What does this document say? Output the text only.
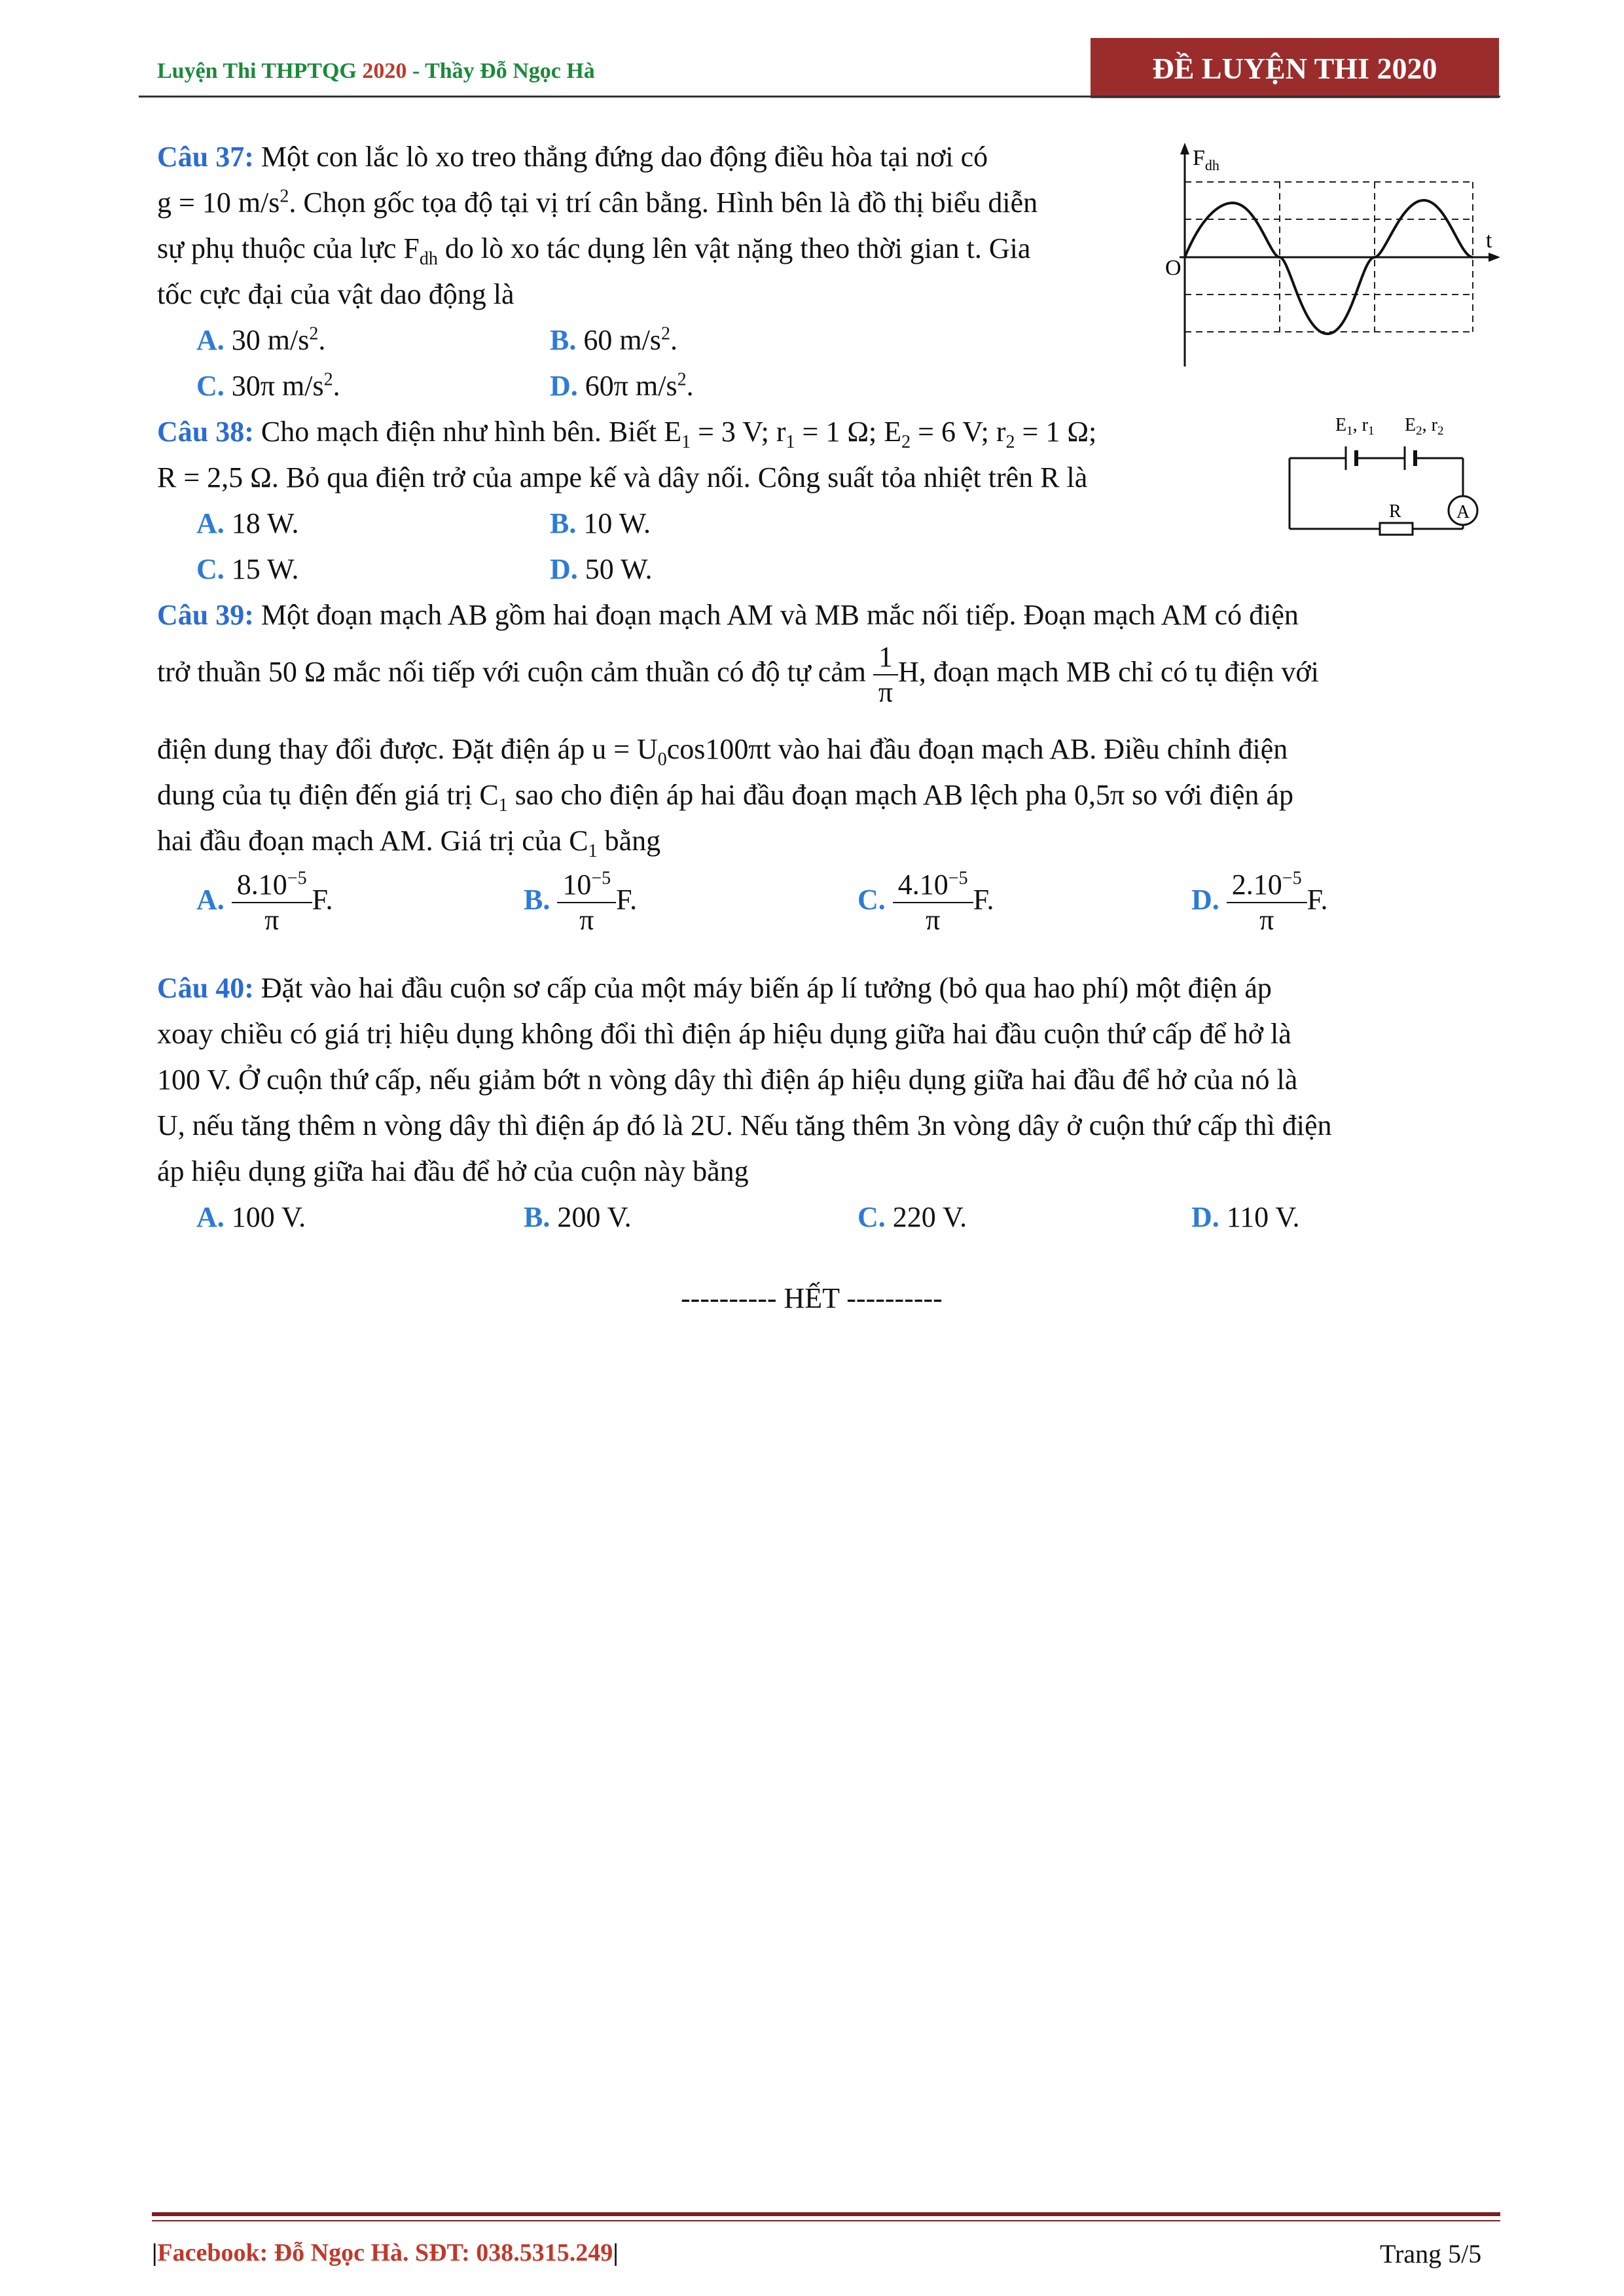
Luyện Thi THPTQG 2020 - Thầy Đỗ Ngọc Hà	ĐỀ LUYỆN THI 2020
Câu 37: Một con lắc lò xo treo thẳng đứng dao động điều hòa tại nơi có
g = 10 $m/s^2$. Chọn gốc tọa độ tại vị trí cân bằng. Hình bên là đồ thị biểu diễn
sự phụ thuộc của lực $F_{dh}$ do lò xo tác dụng lên vật nặng theo thời gian t. Gia
tốc cực đại của vật dao động là
A. 30 $m/s^2$.	B. 60 $m/s^2$.
C. 30π $m/s^2$.	D. 60π $m/s^2$.
$F_{dh}$
O
t
Câu 38: Cho mạch điện như hình bên. Biết $E_1 = 3$ V; $r_1 = 1$ Ω; $E_2 = 6$ V; $r_2 = 1$ Ω;
R = 2,5 Ω. Bỏ qua điện trở của ampe kế và dây nối. Công suất tỏa nhiệt trên R là
A. 18 W.	B. 10 W.
C. 15 W.	D. 50 W.
$E_1$, $r_1$ $E_2$, $r_2$
A
R
Câu 39: Một đoạn mạch AB gồm hai đoạn mạch AM và MB mắc nối tiếp. Đoạn mạch AM có điện
trở thuần 50 Ω mắc nối tiếp với cuộn cảm thuần có độ tự cảm $\frac{1}{\pi} H$, đoạn mạch MB chỉ có tụ điện với
điện dung thay đổi được. Đặt điện áp $u = U_0\cos 100\pi t$ vào hai đầu đoạn mạch AB. Điều chỉnh điện
dung của tụ điện đến giá trị $C_1$ sao cho điện áp hai đầu đoạn mạch AB lệch pha 0,5π so với điện áp
hai đầu đoạn mạch AM. Giá trị của $C_1$ bằng
A. $\frac{8.10^{-5}}{\pi} F$.	B. $\frac{10^{-5}}{\pi} F$.	C. $\frac{4.10^{-5}}{\pi} F$.	D. $\frac{2.10^{-5}}{\pi} F$.
Câu 40: Đặt vào hai đầu cuộn sơ cấp của một máy biến áp lí tưởng (bỏ qua hao phí) một điện áp
xoay chiều có giá trị hiệu dụng không đổi thì điện áp hiệu dụng giữa hai đầu cuộn thứ cấp để hở là
100 V. Ở cuộn thứ cấp, nếu giảm bớt n vòng dây thì điện áp hiệu dụng giữa hai đầu để hở của nó là
U, nếu tăng thêm n vòng dây thì điện áp đó là 2U. Nếu tăng thêm 3n vòng dây ở cuộn thứ cấp thì điện
áp hiệu dụng giữa hai đầu để hở của cuộn này bằng
A. 100 V.	B. 200 V.	C. 220 V.	D. 110 V.
---------- HẾT ----------
|Facebook: Đỗ Ngọc Hà. SĐT: 038.5315.249|	Trang 5/5
